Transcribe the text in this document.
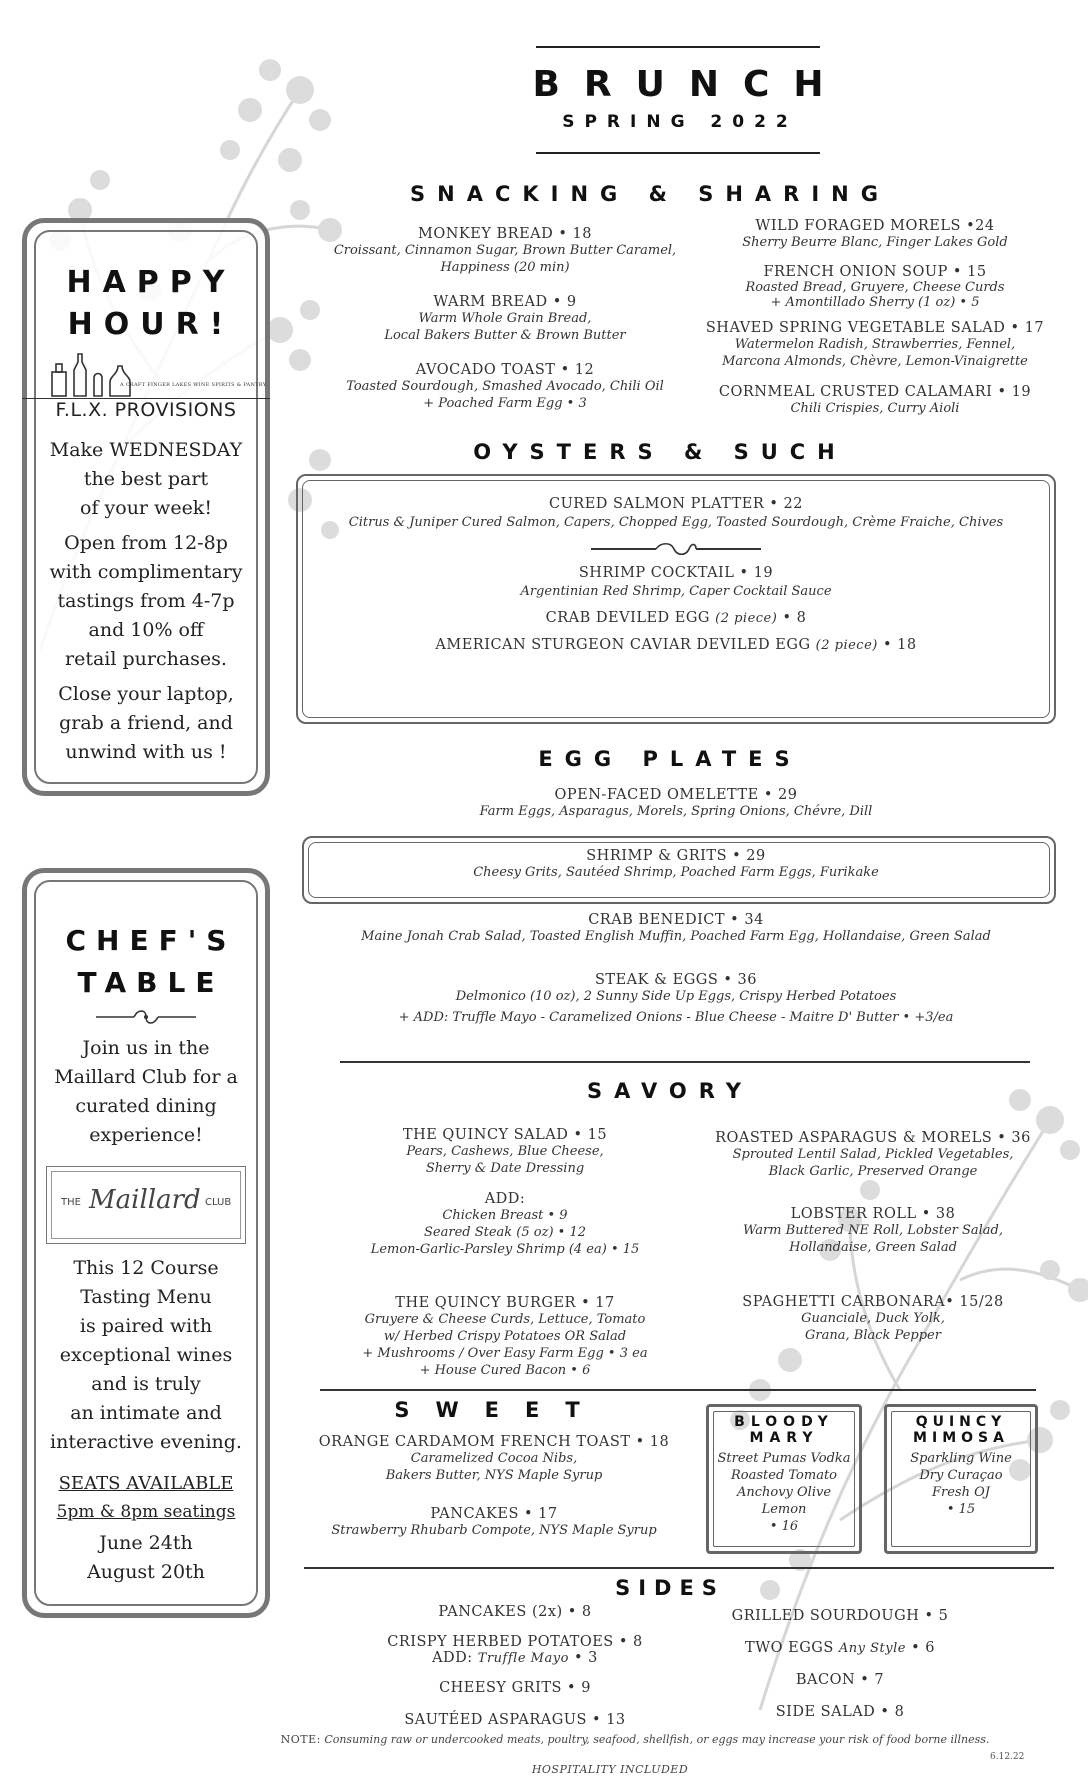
BRUNCH
SPRING 2022
SNACKING & SHARING
MONKEY BREAD • 18
Croissant, Cinnamon Sugar, Brown Butter Caramel,
Happiness (20 min)
WARM BREAD • 9
Warm Whole Grain Bread,
Local Bakers Butter & Brown Butter
AVOCADO TOAST • 12
Toasted Sourdough, Smashed Avocado, Chili Oil
+ Poached Farm Egg • 3
WILD FORAGED MORELS •24
Sherry Beurre Blanc, Finger Lakes Gold
FRENCH ONION SOUP • 15
Roasted Bread, Gruyere, Cheese Curds
+ Amontillado Sherry (1 oz) • 5
SHAVED SPRING VEGETABLE SALAD • 17
Watermelon Radish, Strawberries, Fennel,
Marcona Almonds, Chèvre, Lemon-Vinaigrette
CORNMEAL CRUSTED CALAMARI • 19
Chili Crispies, Curry Aioli
OYSTERS & SUCH
CURED SALMON PLATTER • 22
Citrus & Juniper Cured Salmon, Capers, Chopped Egg, Toasted Sourdough, Crème Fraiche, Chives
SHRIMP COCKTAIL • 19
Argentinian Red Shrimp, Caper Cocktail Sauce
CRAB DEVILED EGG (2 piece) • 8
AMERICAN STURGEON CAVIAR DEVILED EGG (2 piece) • 18
EGG PLATES
OPEN-FACED OMELETTE • 29
Farm Eggs, Asparagus, Morels, Spring Onions, Chévre, Dill
SHRIMP & GRITS • 29
Cheesy Grits, Sautéed Shrimp, Poached Farm Eggs, Furikake
CRAB BENEDICT • 34
Maine Jonah Crab Salad, Toasted English Muffin, Poached Farm Egg, Hollandaise, Green Salad
STEAK & EGGS • 36
Delmonico (10 oz), 2 Sunny Side Up Eggs, Crispy Herbed Potatoes
+ ADD: Truffle Mayo - Caramelized Onions - Blue Cheese - Maitre D' Butter • +3/ea
SAVORY
THE QUINCY SALAD • 15
Pears, Cashews, Blue Cheese,
Sherry & Date Dressing
ADD:
Chicken Breast • 9
Seared Steak (5 oz) • 12
Lemon-Garlic-Parsley Shrimp (4 ea) • 15
THE QUINCY BURGER • 17
Gruyere & Cheese Curds, Lettuce, Tomato
w/ Herbed Crispy Potatoes OR Salad
+ Mushrooms / Over Easy Farm Egg • 3 ea
+ House Cured Bacon • 6
ROASTED ASPARAGUS & MORELS • 36
Sprouted Lentil Salad, Pickled Vegetables,
Black Garlic, Preserved Orange
LOBSTER ROLL • 38
Warm Buttered NE Roll, Lobster Salad,
Hollandaise, Green Salad
SPAGHETTI CARBONARA• 15/28
Guanciale, Duck Yolk,
Grana, Black Pepper
SWEET
ORANGE CARDAMOM FRENCH TOAST • 18
Caramelized Cocoa Nibs,
Bakers Butter, NYS Maple Syrup
PANCAKES • 17
Strawberry Rhubarb Compote, NYS Maple Syrup
BLOODY
MARY
Street Pumas Vodka
Roasted Tomato
Anchovy Olive
Lemon
• 16
QUINCY
MIMOSA
Sparkling Wine
Dry Curaçao
Fresh OJ
• 15
SIDES
PANCAKES (2x) • 8
CRISPY HERBED POTATOES • 8
ADD: Truffle Mayo • 3
CHEESY GRITS • 9
SAUTÉED ASPARAGUS • 13
GRILLED SOURDOUGH • 5
TWO EGGS Any Style • 6
BACON • 7
SIDE SALAD • 8
NOTE: Consuming raw or undercooked meats, poultry, seafood, shellfish, or eggs may increase your risk of food borne illness.
6.12.22
HOSPITALITY INCLUDED
HAPPY
HOUR!
A CRAFT FINGER LAKES WINE SPIRITS & PANTRY
F.L.X. PROVISIONS
Make WEDNESDAY
the best part
of your week!
Open from 12-8p
with complimentary
tastings from 4-7p
and 10% off
retail purchases.
Close your laptop,
grab a friend, and
unwind with us !
CHEF'S
TABLE
Join us in the
Maillard Club for a
curated dining
experience!
THE Maillard CLUB
This 12 Course
Tasting Menu
is paired with
exceptional wines
and is truly
an intimate and
interactive evening.
SEATS AVAILABLE
5pm & 8pm seatings
June 24th
August 20th
